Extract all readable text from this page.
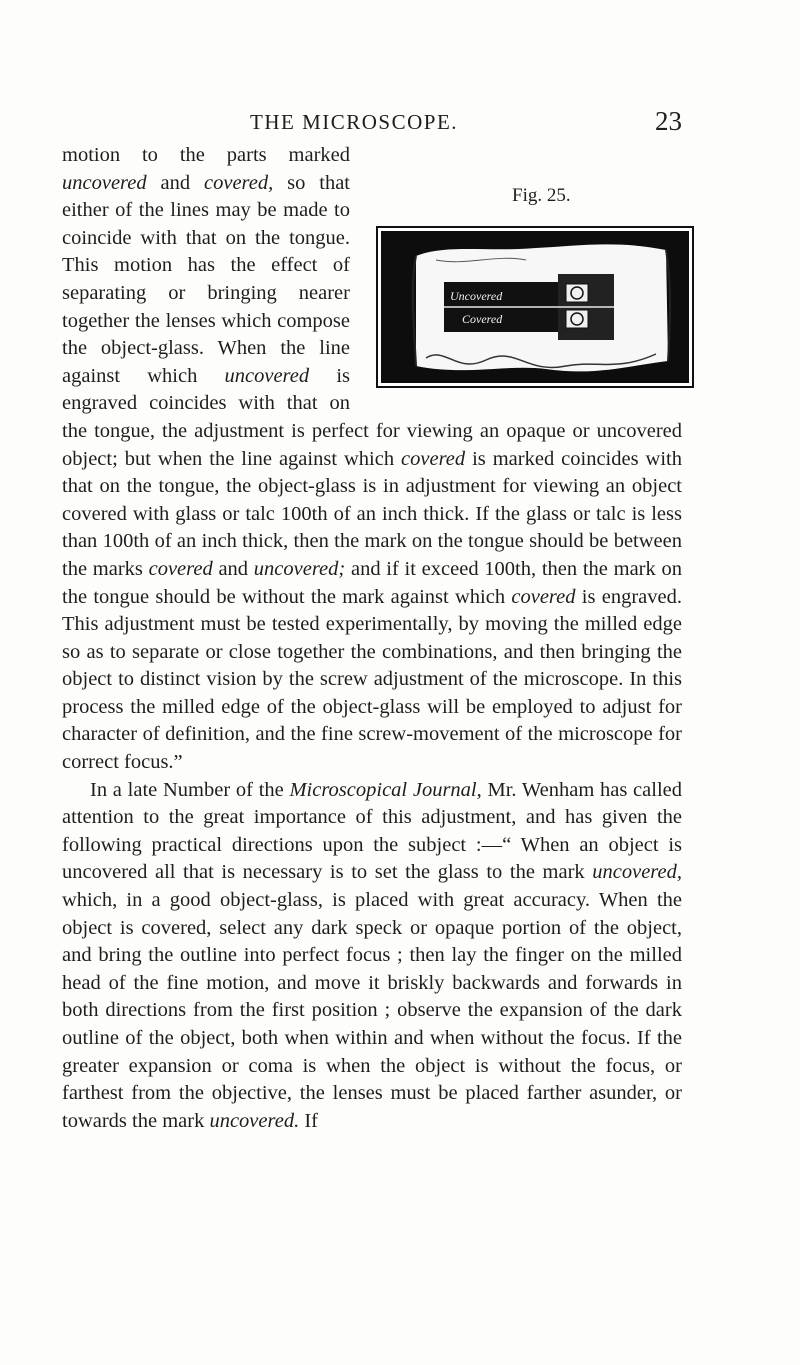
THE MICROSCOPE.	23

Fig. 25.
Uncovered
Covered
motion to the parts marked uncovered and covered, so that either of the lines may be made to coincide with that on the tongue. This motion has the effect of separating or bringing nearer together the lenses which compose the object-glass. When the line against which uncovered is engraved coincides with that on the tongue, the adjustment is perfect for viewing an opaque or uncovered object; but when the line against which covered is marked coincides with that on the tongue, the object-glass is in adjustment for viewing an object covered with glass or talc 100th of an inch thick. If the glass or talc is less than 100th of an inch thick, then the mark on the tongue should be between the marks covered and uncovered; and if it exceed 100th, then the mark on the tongue should be without the mark against which covered is engraved. This adjustment must be tested experimentally, by moving the milled edge so as to separate or close together the combinations, and then bringing the object to distinct vision by the screw adjustment of the microscope. In this process the milled edge of the object-glass will be employed to adjust for character of definition, and the fine screw-movement of the microscope for correct focus.”

In a late Number of the Microscopical Journal, Mr. Wenham has called attention to the great importance of this adjustment, and has given the following practical directions upon the subject :—“ When an object is uncovered all that is necessary is to set the glass to the mark uncovered, which, in a good object-glass, is placed with great accuracy. When the object is covered, select any dark speck or opaque portion of the object, and bring the outline into perfect focus ; then lay the finger on the milled head of the fine motion, and move it briskly backwards and forwards in both directions from the first position ; observe the expansion of the dark outline of the object, both when within and when without the focus. If the greater expansion or coma is when the object is without the focus, or farthest from the objective, the lenses must be placed farther asunder, or towards the mark uncovered. If
